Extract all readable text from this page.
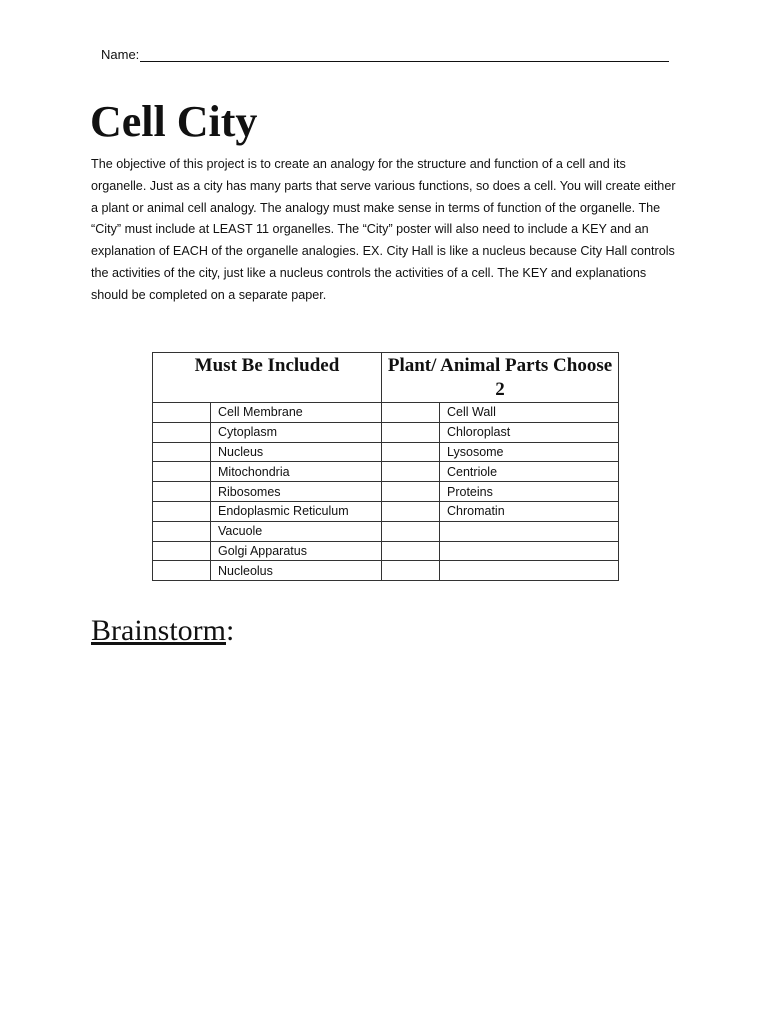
Name:
Cell City

The objective of this project is to create an analogy for the structure and function of a cell and its organelle. Just as a city has many parts that serve various functions, so does a cell. You will create either a plant or animal cell analogy. The analogy must make sense in terms of function of the organelle. The “City” must include at LEAST 11 organelles. The “City” poster will also need to include a KEY and an explanation of EACH of the organelle analogies. EX. City Hall is like a nucleus because City Hall controls the activities of the city, just like a nucleus controls the activities of a cell. The KEY and explanations should be completed on a separate paper.

Must Be Included		Plant/ Animal Parts Choose 2	
	Cell Membrane		Cell Wall
	Cytoplasm		Chloroplast
	Nucleus		Lysosome
	Mitochondria		Centriole
	Ribosomes		Proteins
	Endoplasmic Reticulum		Chromatin
	Vacuole		
	Golgi Apparatus		
	Nucleolus		
Brainstorm:
